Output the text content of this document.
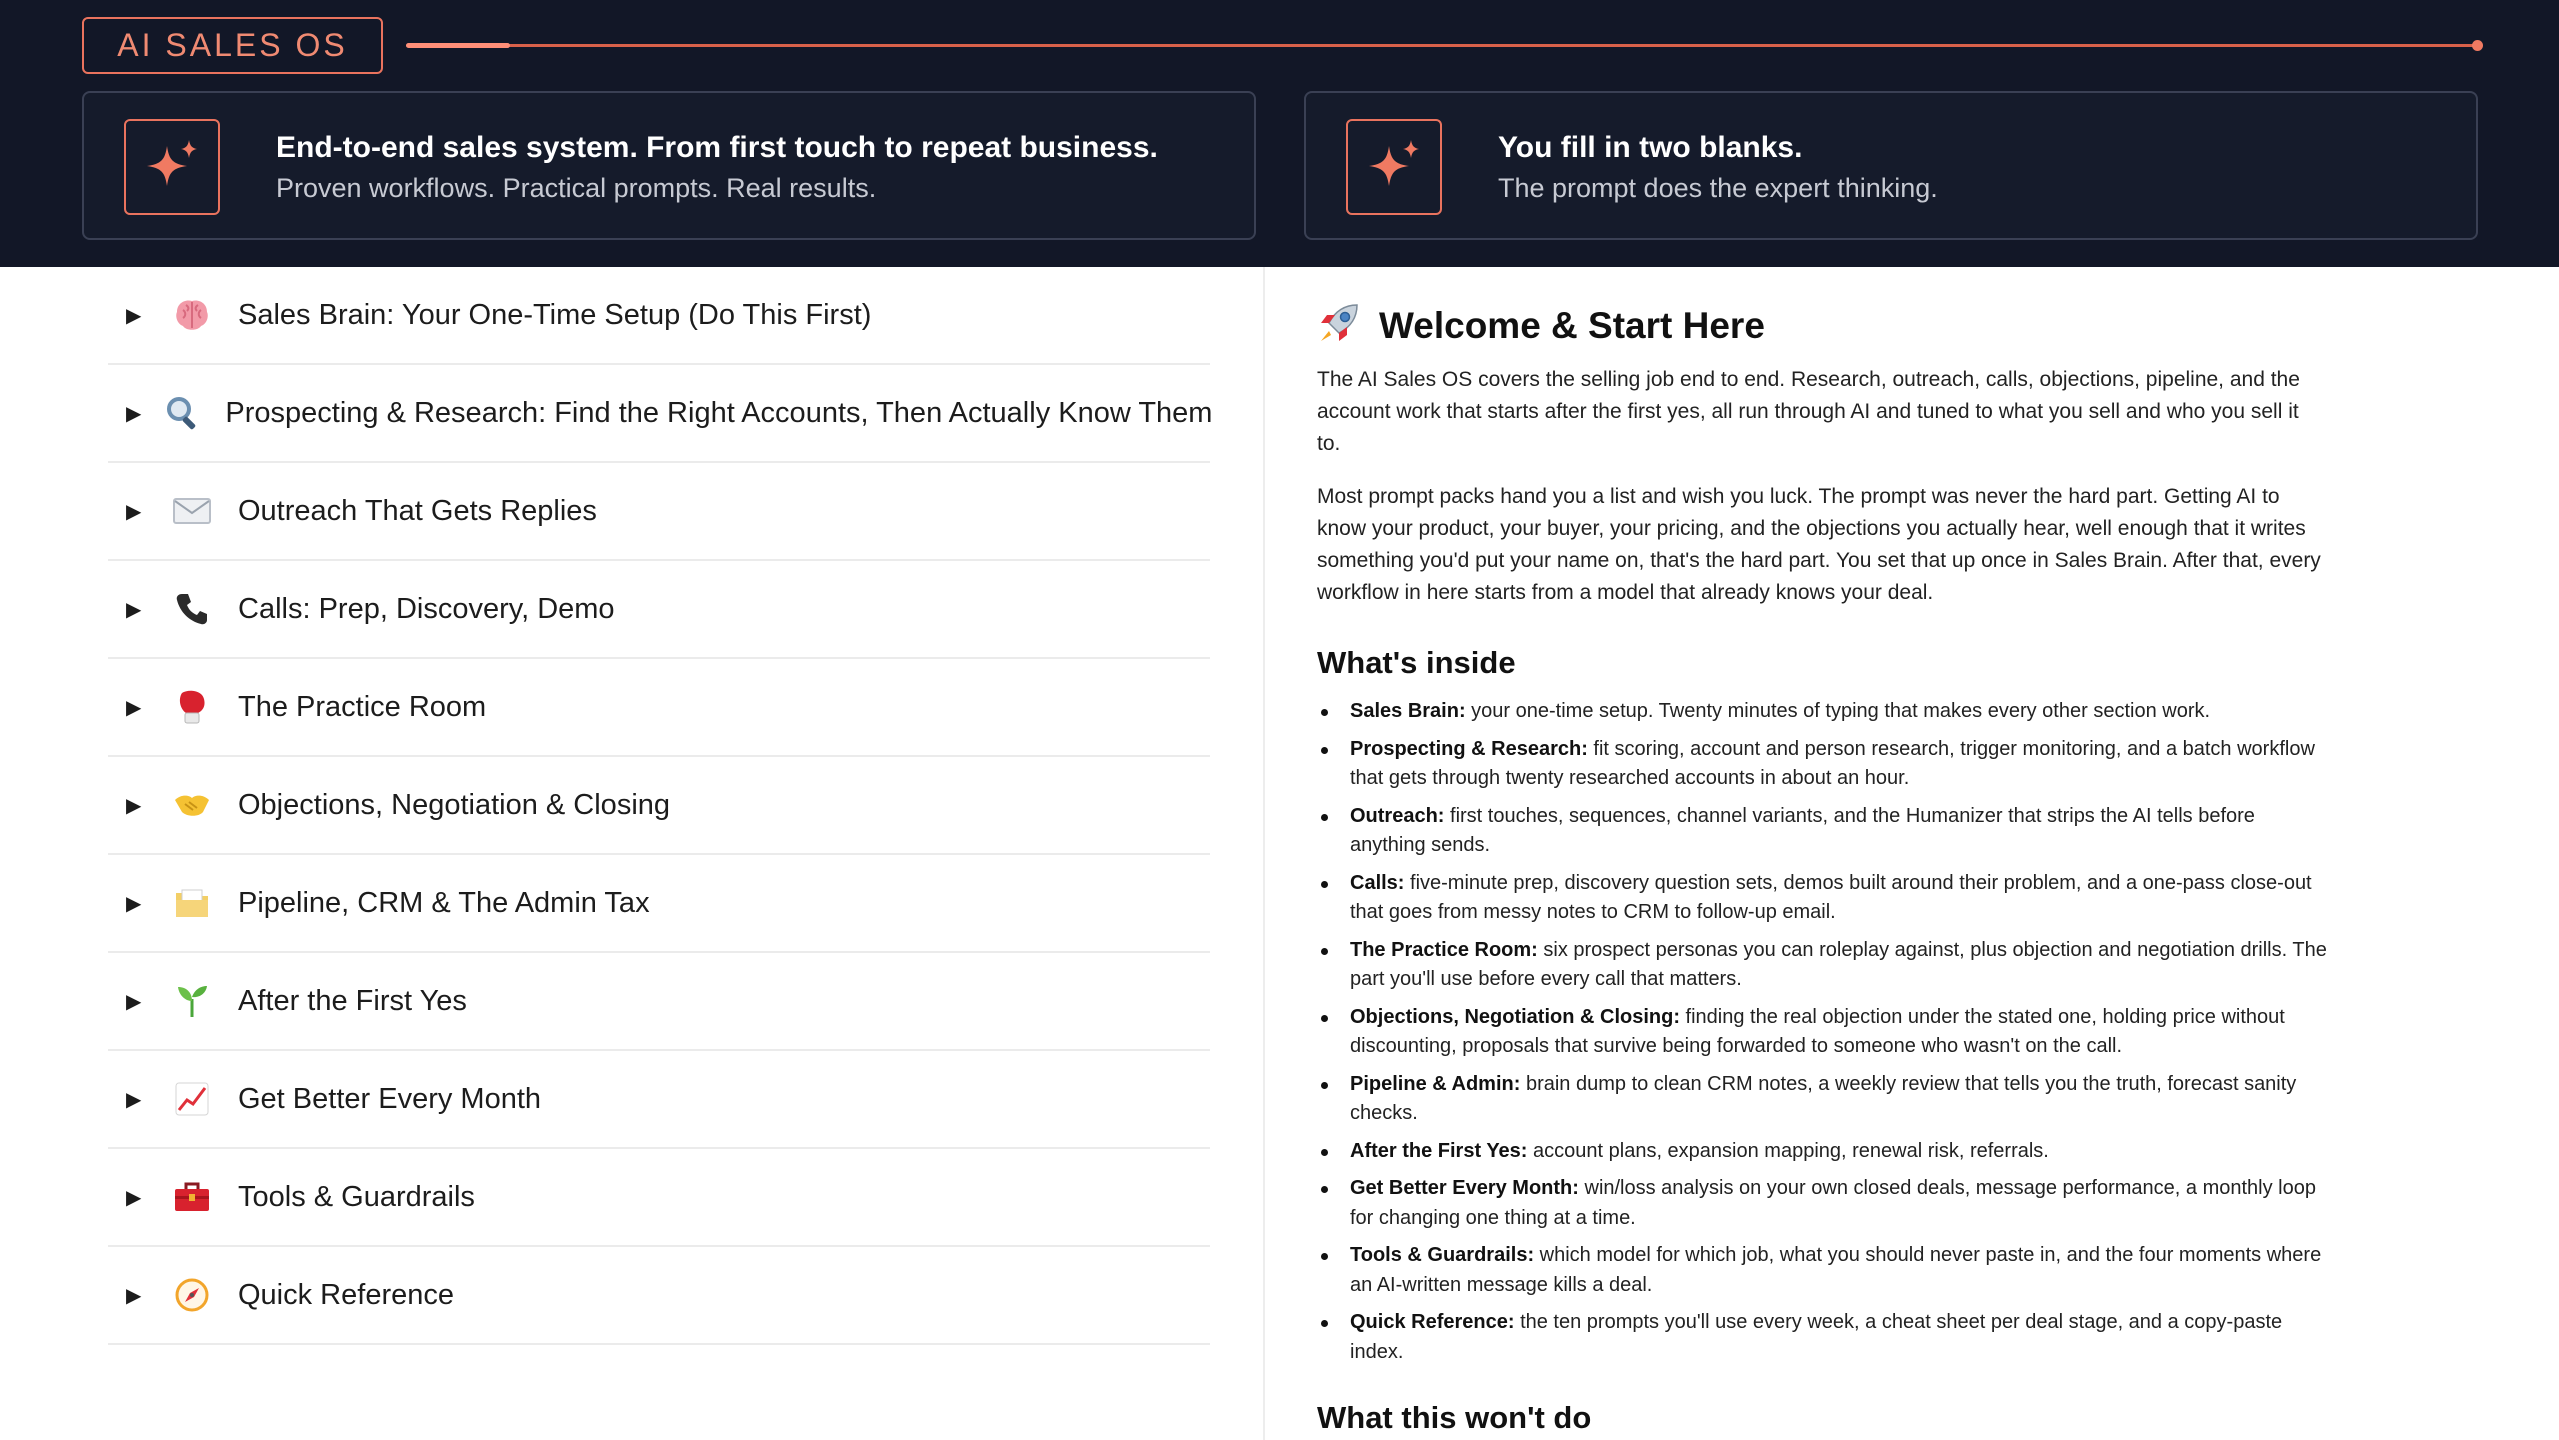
AI SALES OS
End-to-end sales system. From first touch to repeat business.
Proven workflows. Practical prompts. Real results.
You fill in two blanks.
The prompt does the expert thinking.
▶	Sales Brain: Your One-Time Setup (Do This First)
▶	Prospecting & Research: Find the Right Accounts, Then Actually Know Them
▶	Outreach That Gets Replies
▶	Calls: Prep, Discovery, Demo
▶	The Practice Room
▶	Objections, Negotiation & Closing
▶	Pipeline, CRM & The Admin Tax
▶	After the First Yes
▶	Get Better Every Month
▶	Tools & Guardrails
▶	Quick Reference
Welcome & Start Here

The AI Sales OS covers the selling job end to end. Research, outreach, calls, objections, pipeline, and the account work that starts after the first yes, all run through AI and tuned to what you sell and who you sell it to.

Most prompt packs hand you a list and wish you luck. The prompt was never the hard part. Getting AI to know your product, your buyer, your pricing, and the objections you actually hear, well enough that it writes something you'd put your name on, that's the hard part. You set that up once in Sales Brain. After that, every workflow in here starts from a model that already knows your deal.

What's inside
Sales Brain: your one-time setup. Twenty minutes of typing that makes every other section work.
Prospecting & Research: fit scoring, account and person research, trigger monitoring, and a batch workflow that gets through twenty researched accounts in about an hour.
Outreach: first touches, sequences, channel variants, and the Humanizer that strips the AI tells before anything sends.
Calls: five-minute prep, discovery question sets, demos built around their problem, and a one-pass close-out that goes from messy notes to CRM to follow-up email.
The Practice Room: six prospect personas you can roleplay against, plus objection and negotiation drills. The part you'll use before every call that matters.
Objections, Negotiation & Closing: finding the real objection under the stated one, holding price without discounting, proposals that survive being forwarded to someone who wasn't on the call.
Pipeline & Admin: brain dump to clean CRM notes, a weekly review that tells you the truth, forecast sanity checks.
After the First Yes: account plans, expansion mapping, renewal risk, referrals.
Get Better Every Month: win/loss analysis on your own closed deals, message performance, a monthly loop for changing one thing at a time.
Tools & Guardrails: which model for which job, what you should never paste in, and the four moments where an AI-written message kills a deal.
Quick Reference: the ten prompts you'll use every week, a cheat sheet per deal stage, and a copy-paste index.
What this won't do
